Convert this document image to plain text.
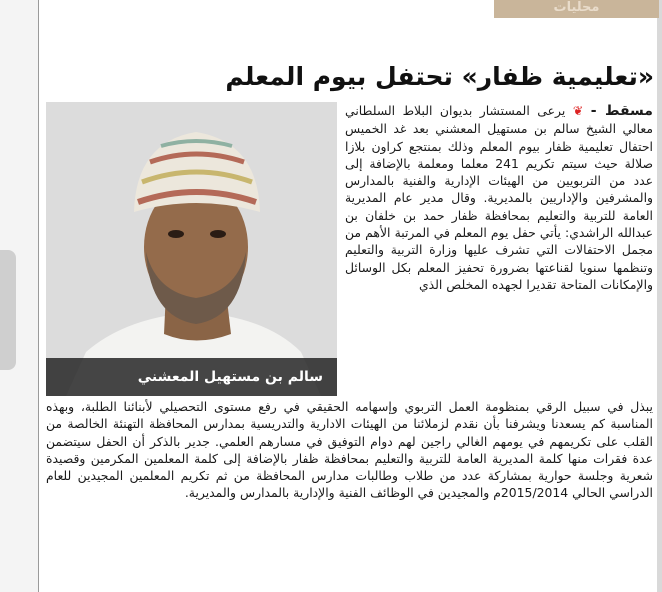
محليات
«تعليمية ظفار» تحتفل بيوم المعلم
سالم بن مستهيل المعشني
مسقط - ❦ يرعى المستشار بديوان البلاط السلطاني معالي الشيخ سالم بن مستهيل المعشني بعد غد الخميس احتفال تعليمية ظفار بيوم المعلم وذلك بمنتجع كراون بلازا صلالة حيث سيتم تكريم 241 معلما ومعلمة بالإضافة إلى عدد من التربويين من الهيئات الإدارية والفنية بالمدارس والمشرفين والإداريين بالمديرية. وقال مدير عام المديرية العامة للتربية والتعليم بمحافظة ظفار حمد بن خلفان بن عبدالله الراشدي: يأتي حفل يوم المعلم في المرتبة الأهم من مجمل الاحتفالات التي تشرف عليها وزارة التربية والتعليم وتنظمها سنويا لقناعتها بضرورة تحفيز المعلم بكل الوسائل والإمكانات المتاحة تقديرا لجهده المخلص الذي
يبذل في سبيل الرقي بمنظومة العمل التربوي وإسهامه الحقيقي في رفع مستوى التحصيلي لأبنائنا الطلبة، وبهذه المناسبة كم يسعدنا ويشرفنا بأن نقدم لزملائنا من الهيئات الادارية والتدريسية بمدارس المحافظة التهنئة الخالصة من القلب على تكريمهم في يومهم الغالي راجين لهم دوام التوفيق في مسارهم العلمي. جدير بالذكر أن الحفل سيتضمن عدة فقرات منها كلمة المديرية العامة للتربية والتعليم بمحافظة ظفار بالإضافة إلى كلمة المعلمين المكرمين وقصيدة شعرية وجلسة حوارية بمشاركة عدد من طلاب وطالبات مدارس المحافظة من ثم تكريم المعلمين المجيدين للعام الدراسي الحالي 2015/2014م والمجيدين في الوظائف الفنية والإدارية بالمدارس والمديرية.
